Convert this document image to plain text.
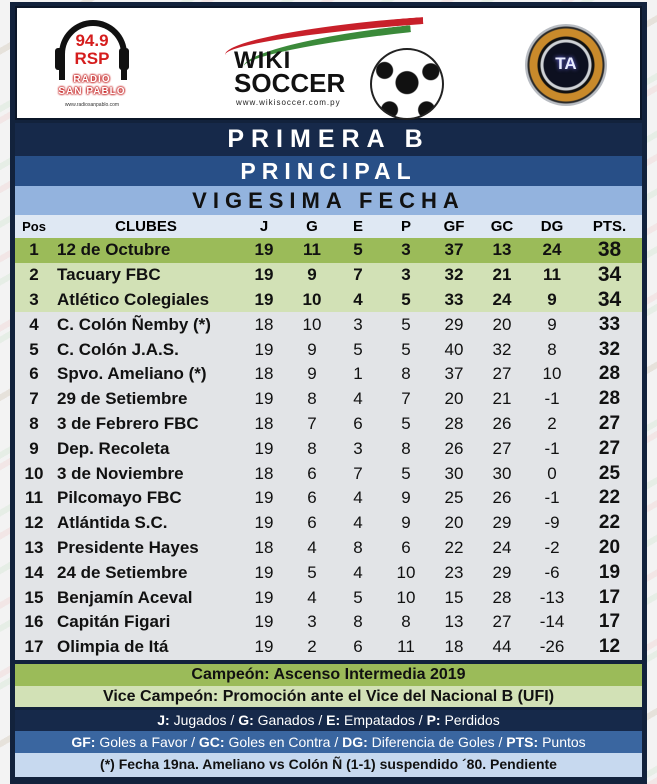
94.9
RSP
RADIO
SAN PABLO
www.radiosanpablo.com
WIKI
SOCCER
www.wikisoccer.com.py
TA
PRIMERA B
PRINCIPAL
VIGESIMA FECHA
Pos	CLUBES	J	G	E	P	GF	GC	DG	PTS.
1	12 de Octubre	19	11	5	3	37	13	24	38
2	Tacuary FBC	19	9	7	3	32	21	11	34
3	Atlético Colegiales	19	10	4	5	33	24	9	34
4	C. Colón Ñemby (*)	18	10	3	5	29	20	9	33
5	C. Colón J.A.S.	19	9	5	5	40	32	8	32
6	Spvo. Ameliano (*)	18	9	1	8	37	27	10	28
7	29 de Setiembre	19	8	4	7	20	21	-1	28
8	3 de Febrero FBC	18	7	6	5	28	26	2	27
9	Dep. Recoleta	19	8	3	8	26	27	-1	27
10	3 de Noviembre	18	6	7	5	30	30	0	25
11	Pilcomayo FBC	19	6	4	9	25	26	-1	22
12	Atlántida S.C.	19	6	4	9	20	29	-9	22
13	Presidente Hayes	18	4	8	6	22	24	-2	20
14	24 de Setiembre	19	5	4	10	23	29	-6	19
15	Benjamín Aceval	19	4	5	10	15	28	-13	17
16	Capitán Figari	19	3	8	8	13	27	-14	17
17	Olimpia de Itá	19	2	6	11	18	44	-26	12
Campeón: Ascenso Intermedia 2019
Vice Campeón: Promoción ante el Vice del Nacional B (UFI)
J: Jugados / G: Ganados / E: Empatados / P: Perdidos
GF: Goles a Favor / GC: Goles en Contra / DG: Diferencia de Goles / PTS: Puntos
(*) Fecha 19na. Ameliano vs Colón Ñ (1-1) suspendido ´80. Pendiente
